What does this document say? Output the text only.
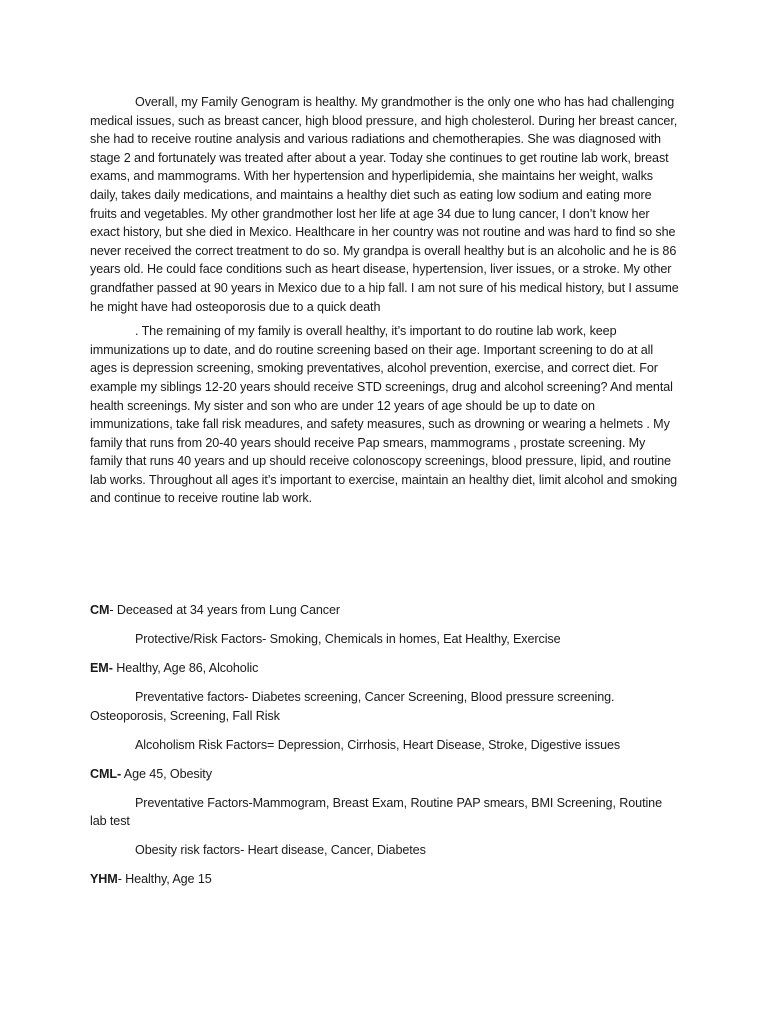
Overall, my Family Genogram is healthy. My grandmother is the only one who has had challenging medical issues, such as breast cancer, high blood pressure, and high cholesterol. During her breast cancer, she had to receive routine analysis and various radiations and chemotherapies. She was diagnosed with stage 2 and fortunately was treated after about a year. Today she continues to get routine lab work, breast exams, and mammograms. With her hypertension and hyperlipidemia, she maintains her weight, walks daily, takes daily medications, and maintains a healthy diet such as eating low sodium and eating more fruits and vegetables. My other grandmother lost her life at age 34 due to lung cancer, I don’t know her exact history, but she died in Mexico. Healthcare in her country was not routine and was hard to find so she never received the correct treatment to do so. My grandpa is overall healthy but is an alcoholic and he is 86 years old. He could face conditions such as heart disease, hypertension, liver issues, or a stroke. My other grandfather passed at 90 years in Mexico due to a hip fall. I am not sure of his medical history, but I assume he might have had osteoporosis due to a quick death

. The remaining of my family is overall healthy, it’s important to do routine lab work, keep immunizations up to date, and do routine screening based on their age. Important screening to do at all ages is depression screening, smoking preventatives, alcohol prevention, exercise, and correct diet. For example my siblings 12-20 years should receive STD screenings, drug and alcohol screening? And mental health screenings. My sister and son who are under 12 years of age should be up to date on immunizations, take fall risk meadures, and safety measures, such as drowning or wearing a helmets . My family that runs from 20-40 years should receive Pap smears, mammograms , prostate screening. My family that runs 40 years and up should receive colonoscopy screenings, blood pressure, lipid, and routine lab works. Throughout all ages it’s important to exercise, maintain an healthy diet, limit alcohol and smoking and continue to receive routine lab work.

CM- Deceased at 34 years from Lung Cancer

Protective/Risk Factors- Smoking, Chemicals in homes, Eat Healthy, Exercise

EM- Healthy, Age 86, Alcoholic

Preventative factors- Diabetes screening, Cancer Screening, Blood pressure screening. Osteoporosis, Screening, Fall Risk

Alcoholism Risk Factors= Depression, Cirrhosis, Heart Disease, Stroke, Digestive issues

CML- Age 45, Obesity

Preventative Factors-Mammogram, Breast Exam, Routine PAP smears, BMI Screening, Routine lab test

Obesity risk factors- Heart disease, Cancer, Diabetes

YHM- Healthy, Age 15
